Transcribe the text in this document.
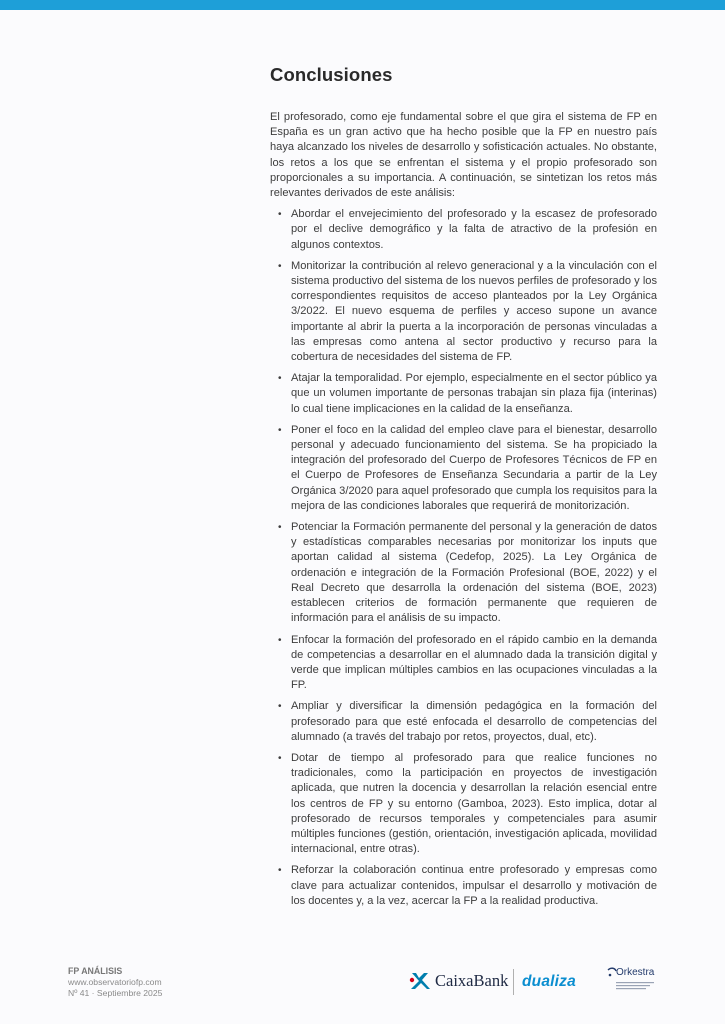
Conclusiones

El profesorado, como eje fundamental sobre el que gira el sistema de FP en España es un gran activo que ha hecho posible que la FP en nuestro país haya alcanzado los niveles de desarrollo y sofisticación actuales. No obstante, los retos a los que se enfrentan el sistema y el propio profesorado son proporcionales a su importancia. A continuación, se sintetizan los retos más relevantes derivados de este análisis:

• Abordar el envejecimiento del profesorado y la escasez de profesorado por el declive demográfico y la falta de atractivo de la profesión en algunos contextos.
• Monitorizar la contribución al relevo generacional y a la vinculación con el sistema productivo del sistema de los nuevos perfiles de profesorado y los correspondientes requisitos de acceso planteados por la Ley Orgánica 3/2022. El nuevo esquema de perfiles y acceso supone un avance importante al abrir la puerta a la incorporación de personas vinculadas a las empresas como antena al sector productivo y recurso para la cobertura de necesidades del sistema de FP.
• Atajar la temporalidad. Por ejemplo, especialmente en el sector público ya que un volumen importante de personas trabajan sin plaza fija (interinas) lo cual tiene implicaciones en la calidad de la enseñanza.
• Poner el foco en la calidad del empleo clave para el bienestar, desarrollo personal y adecuado funcionamiento del sistema. Se ha propiciado la integración del profesorado del Cuerpo de Profesores Técnicos de FP en el Cuerpo de Profesores de Enseñanza Secundaria a partir de la Ley Orgánica 3/2020 para aquel profesorado que cumpla los requisitos para la mejora de las condiciones laborales que requerirá de monitorización.
• Potenciar la Formación permanente del personal y la generación de datos y estadísticas comparables necesarias por monitorizar los inputs que aportan calidad al sistema (Cedefop, 2025). La Ley Orgánica de ordenación e integración de la Formación Profesional (BOE, 2022) y el Real Decreto que desarrolla la ordenación del sistema (BOE, 2023) establecen criterios de formación permanente que requieren de información para el análisis de su impacto.
• Enfocar la formación del profesorado en el rápido cambio en la demanda de competencias a desarrollar en el alumnado dada la transición digital y verde que implican múltiples cambios en las ocupaciones vinculadas a la FP.
• Ampliar y diversificar la dimensión pedagógica en la formación del profesorado para que esté enfocada el desarrollo de competencias del alumnado (a través del trabajo por retos, proyectos, dual, etc).
• Dotar de tiempo al profesorado para que realice funciones no tradicionales, como la participación en proyectos de investigación aplicada, que nutren la docencia y desarrollan la relación esencial entre los centros de FP y su entorno (Gamboa, 2023). Esto implica, dotar al profesorado de recursos temporales y competenciales para asumir múltiples funciones (gestión, orientación, investigación aplicada, movilidad internacional, entre otras).
• Reforzar la colaboración continua entre profesorado y empresas como clave para actualizar contenidos, impulsar el desarrollo y motivación de los docentes y, a la vez, acercar la FP a la realidad productiva.
FP ANÁLISIS
www.observatoriofp.com
Nº 41 · Septiembre 2025
CaixaBank dualiza
Orkestra
